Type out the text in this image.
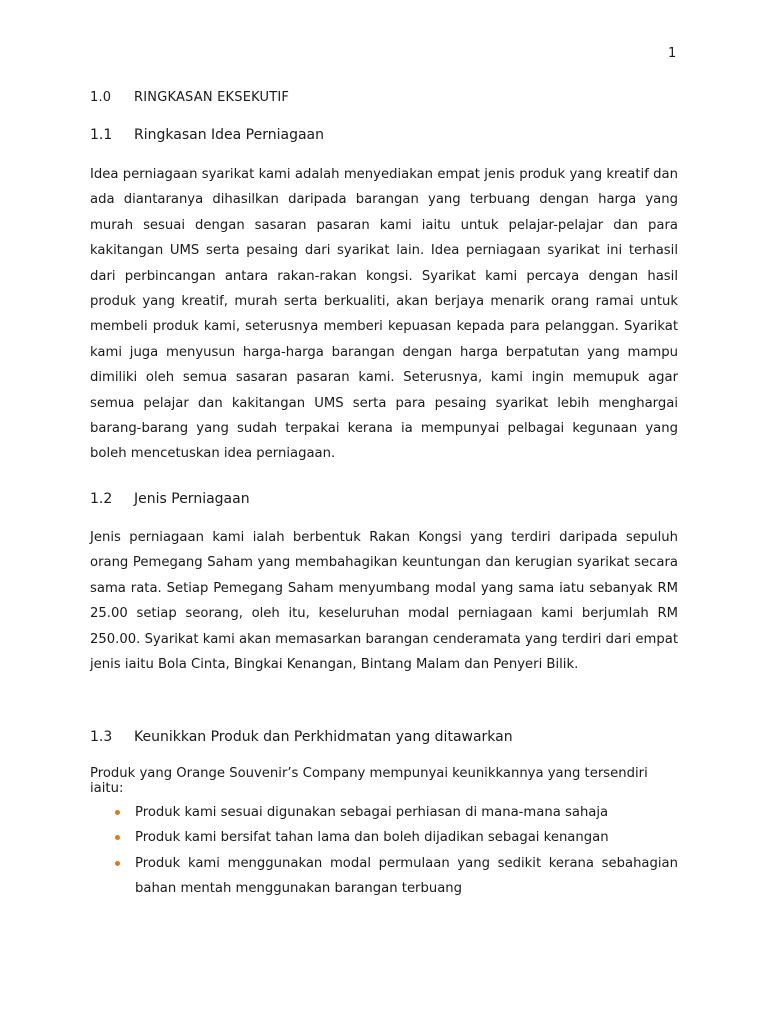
1
1.0 RINGKASAN EKSEKUTIF
1.1 Ringkasan Idea Perniagaan

Idea perniagaan syarikat kami adalah menyediakan empat jenis produk yang kreatif dan ada diantaranya dihasilkan daripada barangan yang terbuang dengan harga yang murah sesuai dengan sasaran pasaran kami iaitu untuk pelajar-pelajar dan para kakitangan UMS serta pesaing dari syarikat lain. Idea perniagaan syarikat ini terhasil dari perbincangan antara rakan-rakan kongsi. Syarikat kami percaya dengan hasil produk yang kreatif, murah serta berkualiti, akan berjaya menarik orang ramai untuk membeli produk kami, seterusnya memberi kepuasan kepada para pelanggan. Syarikat kami juga menyusun harga-harga barangan dengan harga berpatutan yang mampu dimiliki oleh semua sasaran pasaran kami. Seterusnya, kami ingin memupuk agar semua pelajar dan kakitangan UMS serta para pesaing syarikat lebih menghargai barang-barang yang sudah terpakai kerana ia mempunyai pelbagai kegunaan yang boleh mencetuskan idea perniagaan.

1.2 Jenis Perniagaan

Jenis perniagaan kami ialah berbentuk Rakan Kongsi yang terdiri daripada sepuluh orang Pemegang Saham yang membahagikan keuntungan dan kerugian syarikat secara sama rata. Setiap Pemegang Saham menyumbang modal yang sama iatu sebanyak RM 25.00 setiap seorang, oleh itu, keseluruhan modal perniagaan kami berjumlah RM 250.00. Syarikat kami akan memasarkan barangan cenderamata yang terdiri dari empat jenis iaitu Bola Cinta, Bingkai Kenangan, Bintang Malam dan Penyeri Bilik.

1.3 Keunikkan Produk dan Perkhidmatan yang ditawarkan
Produk yang Orange Souvenir’s Company mempunyai keunikkannya yang tersendiri iaitu:
Produk kami sesuai digunakan sebagai perhiasan di mana-mana sahaja
Produk kami bersifat tahan lama dan boleh dijadikan sebagai kenangan
Produk kami menggunakan modal permulaan yang sedikit kerana sebahagian bahan mentah menggunakan barangan terbuang
